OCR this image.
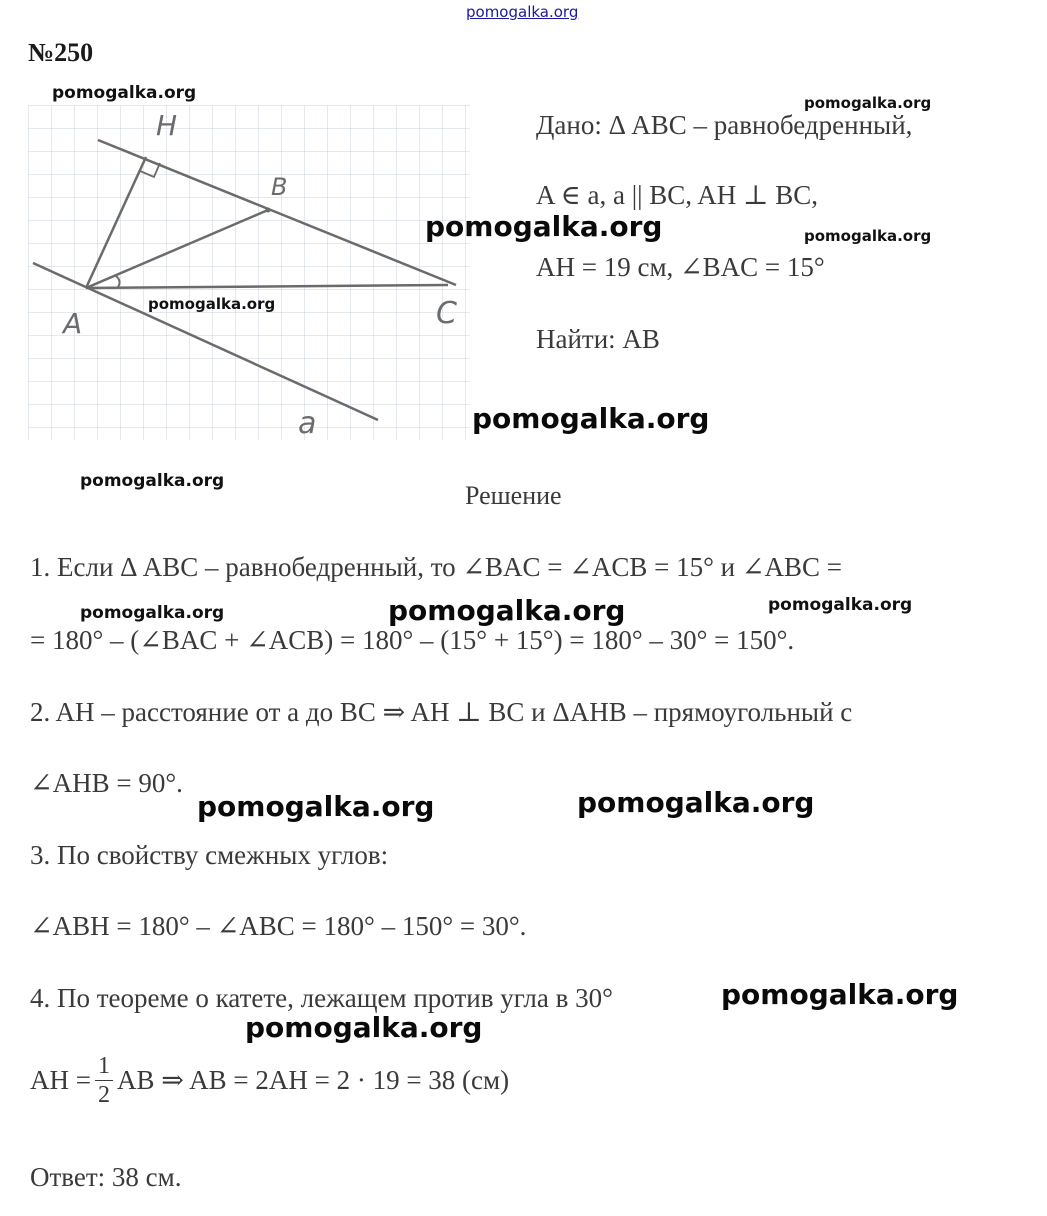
pomogalka.org
№250
H
B
A	C
a
Дано: Δ ABC – равнобедренный,
A ∈ a, a || BC, AH ⊥ BC,
AH = 19 см, ∠BAC = 15°
Найти: AB
Решение
1. Если Δ ABC – равнобедренный, то ∠BAC = ∠ACB = 15° и ∠ABC =
= 180° – (∠BAC + ∠ACB) = 180° – (15° + 15°) = 180° – 30° = 150°.
2. AH – расстояние от a до BC ⇒ AH ⊥ BC и ΔAHB – прямоугольный с
∠AHB = 90°.
3. По свойству смежных углов:
∠ABH = 180° – ∠ABC = 180° – 150° = 30°.
4. По теореме о катете, лежащем против угла в 30°
AH = $\frac{1}{2}$ AB ⇒ AB = 2AH = 2 · 19 = 38 (см)
Ответ: 38 см.
pomogalka.org	pomogalka.org
pomogalka.org	pomogalka.org
pomogalka.org
pomogalka.org
pomogalka.org
pomogalka.org	pomogalka.org	pomogalka.org
pomogalka.org	pomogalka.org
pomogalka.org
pomogalka.org
